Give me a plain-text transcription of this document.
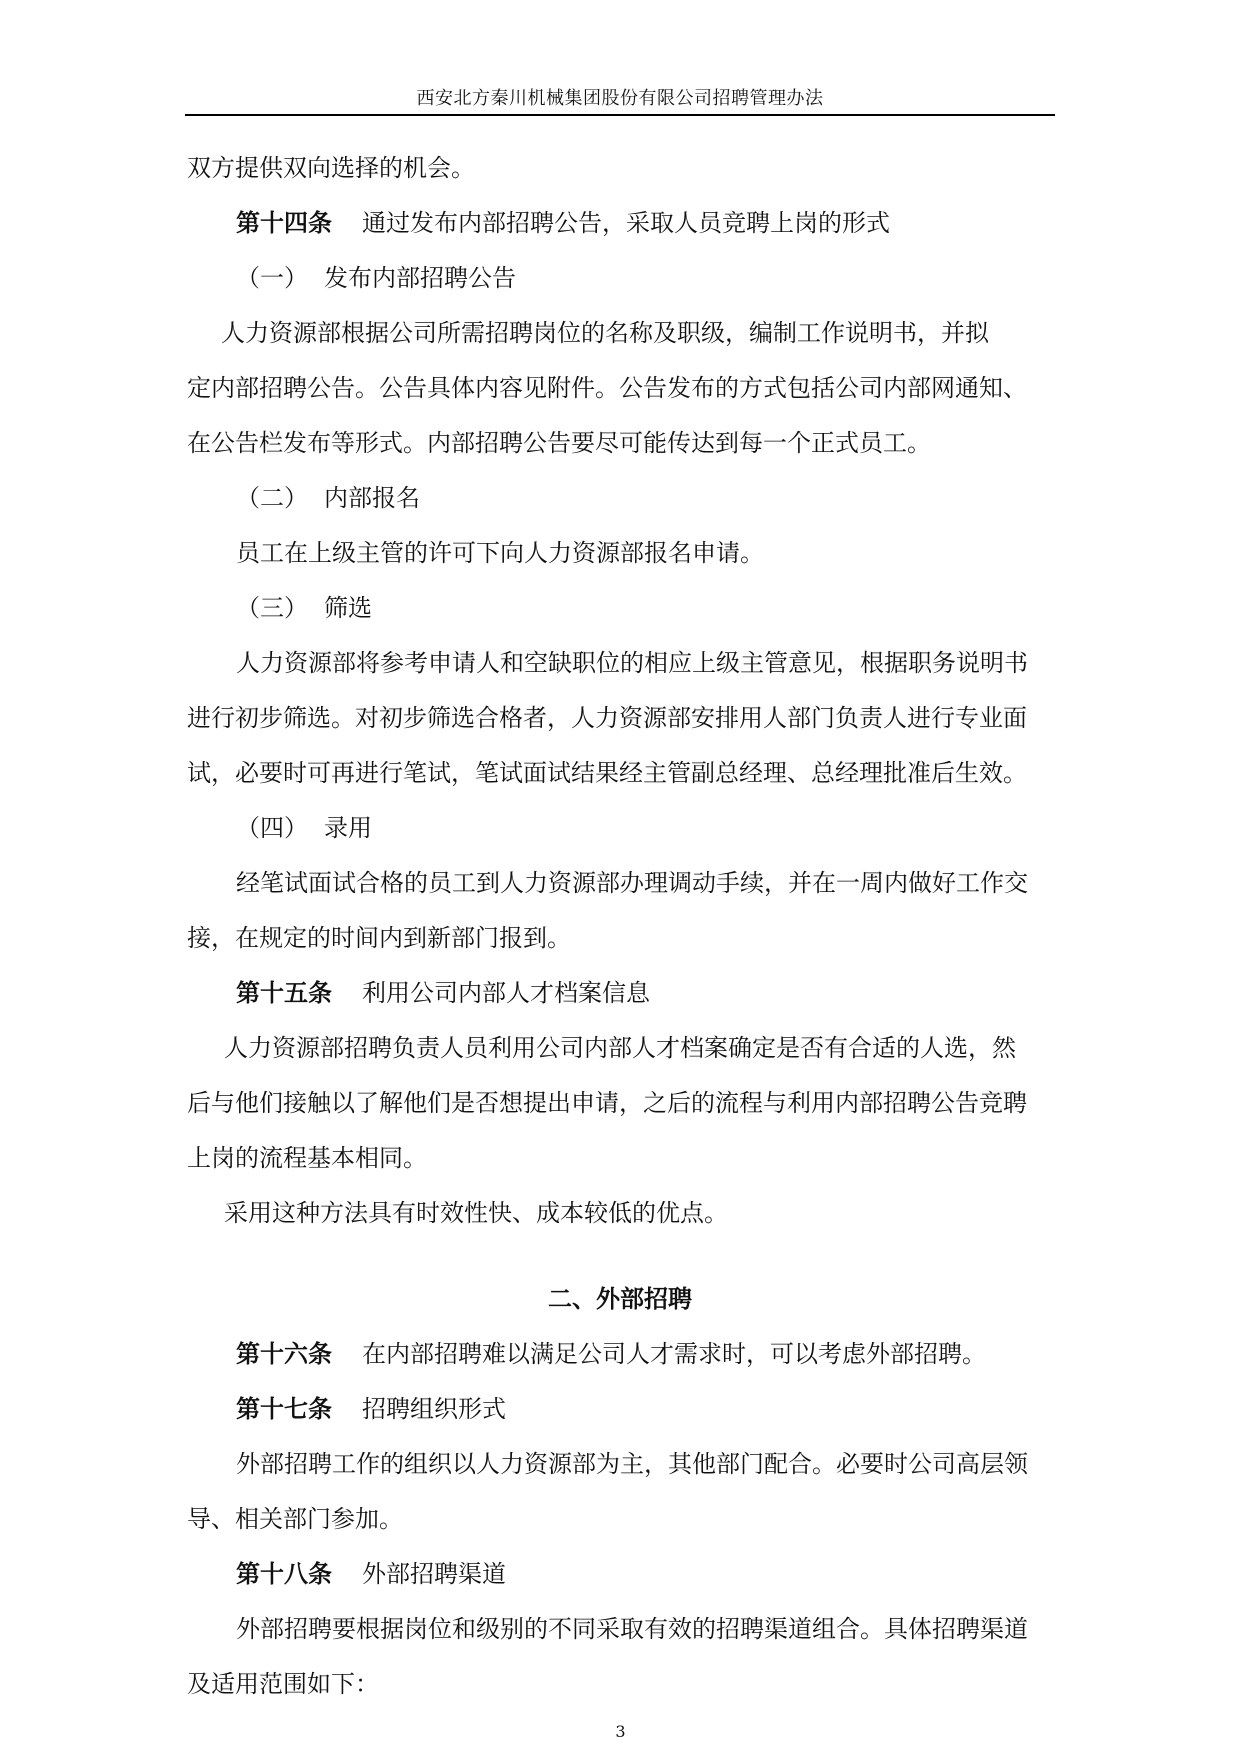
西安北方秦川机械集团股份有限公司招聘管理办法
双方提供双向选择的机会。
第十四条 通过发布内部招聘公告，采取人员竞聘上岗的形式
（一） 发布内部招聘公告
人力资源部根据公司所需招聘岗位的名称及职级，编制工作说明书，并拟
定内部招聘公告。公告具体内容见附件。公告发布的方式包括公司内部网通知、
在公告栏发布等形式。内部招聘公告要尽可能传达到每一个正式员工。
（二） 内部报名
员工在上级主管的许可下向人力资源部报名申请。
（三） 筛选
人力资源部将参考申请人和空缺职位的相应上级主管意见，根据职务说明书
进行初步筛选。对初步筛选合格者，人力资源部安排用人部门负责人进行专业面
试，必要时可再进行笔试，笔试面试结果经主管副总经理、总经理批准后生效。
（四） 录用
经笔试面试合格的员工到人力资源部办理调动手续，并在一周内做好工作交
接，在规定的时间内到新部门报到。
第十五条 利用公司内部人才档案信息
人力资源部招聘负责人员利用公司内部人才档案确定是否有合适的人选，然
后与他们接触以了解他们是否想提出申请，之后的流程与利用内部招聘公告竞聘
上岗的流程基本相同。
采用这种方法具有时效性快、成本较低的优点。
二、外部招聘
第十六条 在内部招聘难以满足公司人才需求时，可以考虑外部招聘。
第十七条 招聘组织形式
外部招聘工作的组织以人力资源部为主，其他部门配合。必要时公司高层领
导、相关部门参加。
第十八条 外部招聘渠道
外部招聘要根据岗位和级别的不同采取有效的招聘渠道组合。具体招聘渠道
及适用范围如下：
3
